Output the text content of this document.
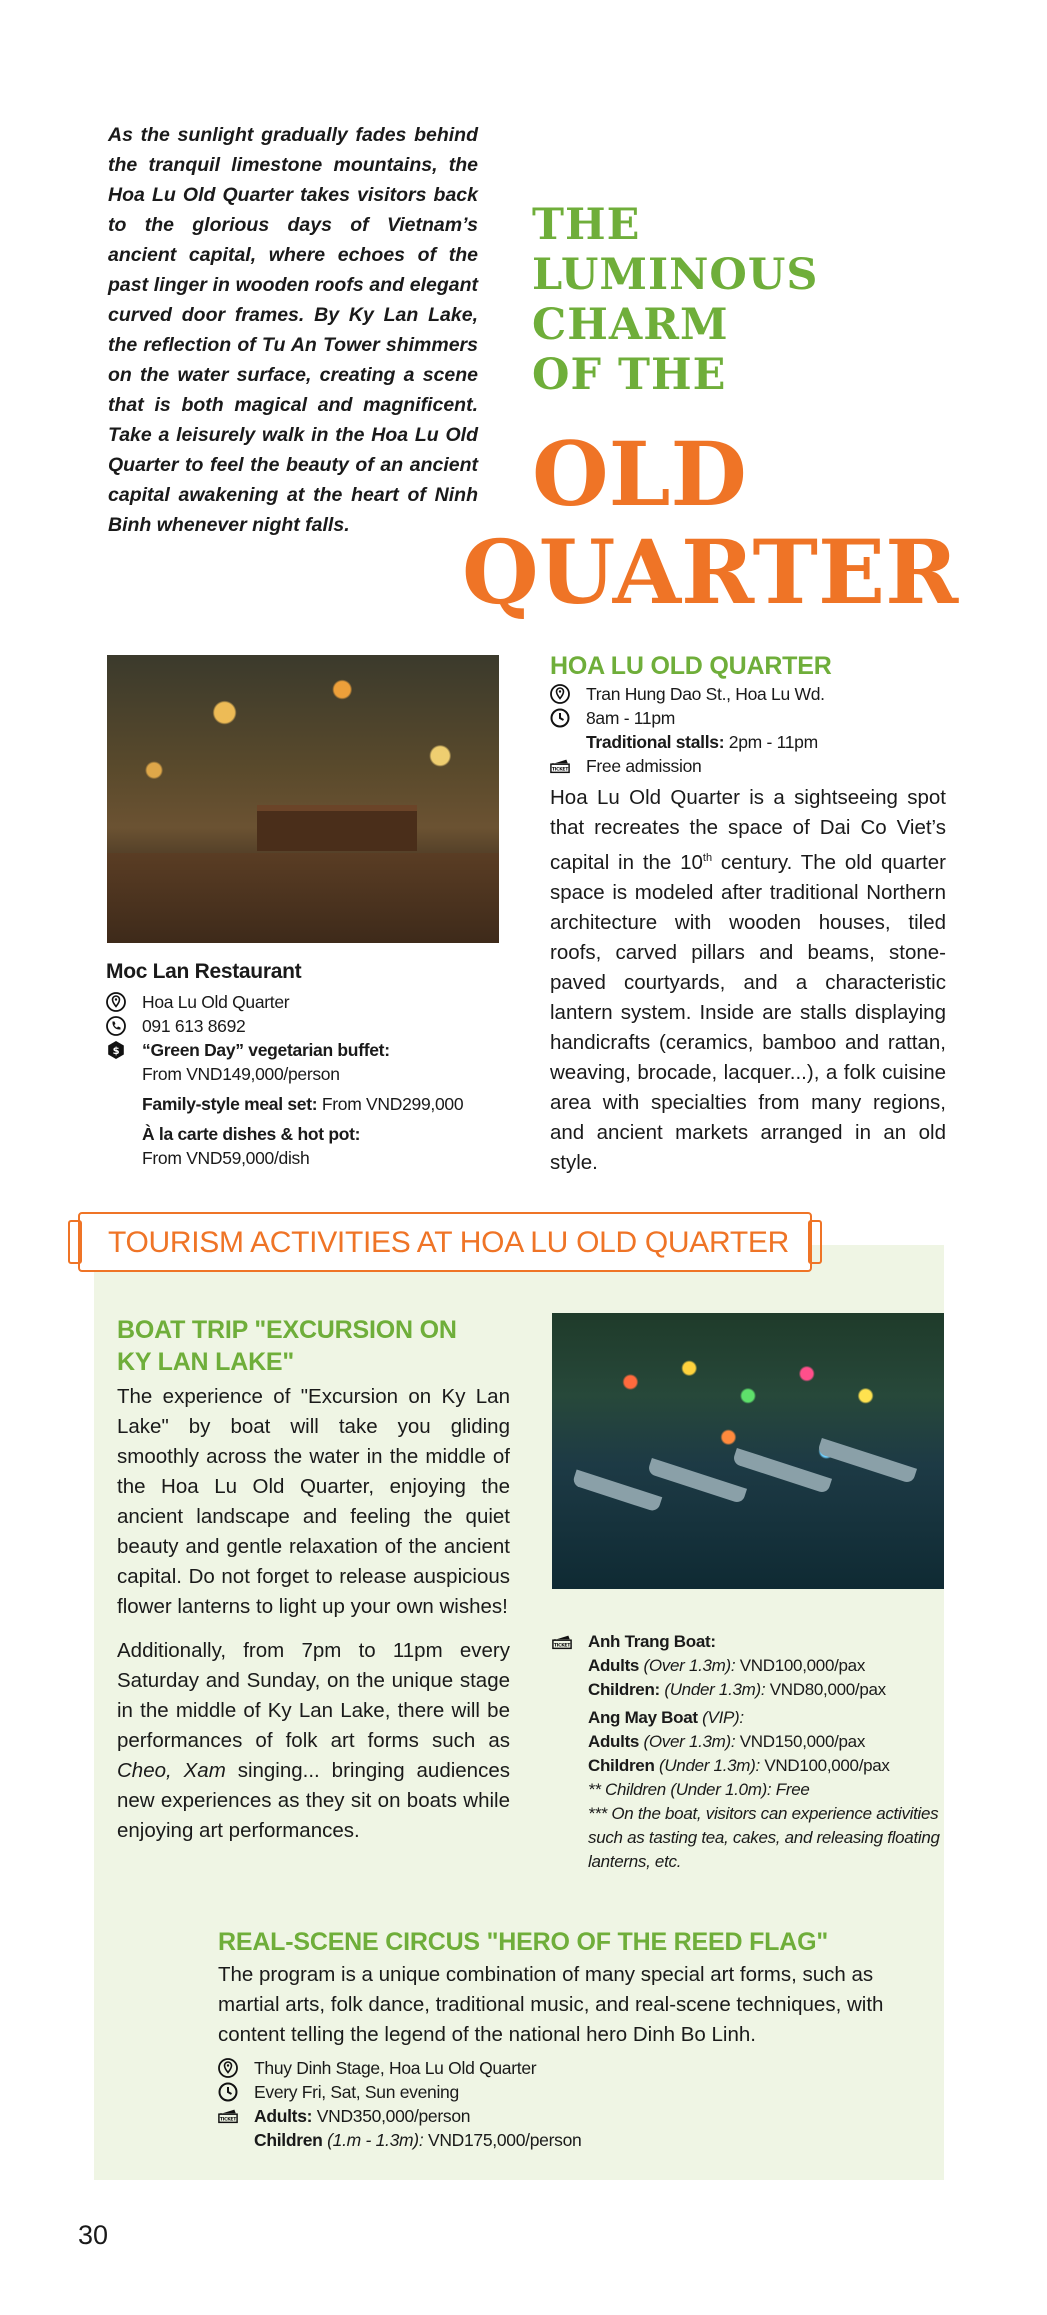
As the sunlight gradually fades behind the tranquil limestone mountains, the Hoa Lu Old Quarter takes visitors back to the glorious days of Vietnam’s ancient capital, where echoes of the past linger in wooden roofs and elegant curved door frames. By Ky Lan Lake, the reflection of Tu An Tower shimmers on the water surface, creating a scene that is both magical and magnificent. Take a leisurely walk in the Hoa Lu Old Quarter to feel the beauty of an ancient capital awakening at the heart of Ninh Binh whenever night falls.
THE
LUMINOUS
CHARM
OF THE
OLD
QUARTER
Moc Lan Restaurant
Hoa Lu Old Quarter
091 613 8692
$ “Green Day” vegetarian buffet:
From VND149,000/person
Family-style meal set: From VND299,000
À la carte dishes & hot pot:
From VND59,000/dish
HOA LU OLD QUARTER
Tran Hung Dao St., Hoa Lu Wd.
8am - 11pm
Traditional stalls: 2pm - 11pm
TICKET Free admission
Hoa Lu Old Quarter is a sightseeing spot that recreates the space of Dai Co Viet’s capital in the 10th century. The old quarter space is modeled after traditional Northern architecture with wooden houses, tiled roofs, carved pillars and beams, stone-paved courtyards, and a characteristic lantern system. Inside are stalls displaying handicrafts (ceramics, bamboo and rattan, weaving, brocade, lacquer...), a folk cuisine area with specialties from many regions, and ancient markets arranged in an old style.
TOURISM ACTIVITIES AT HOA LU OLD QUARTER
BOAT TRIP "EXCURSION ON
KY LAN LAKE"
The experience of "Excursion on Ky Lan Lake" by boat will take you gliding smoothly across the water in the middle of the Hoa Lu Old Quarter, enjoying the ancient landscape and feeling the quiet beauty and gentle relaxation of the ancient capital. Do not forget to release auspicious flower lanterns to light up your own wishes!
Additionally, from 7pm to 11pm every Saturday and Sunday, on the unique stage in the middle of Ky Lan Lake, there will be performances of folk art forms such as Cheo, Xam singing... bringing audiences new experiences as they sit on boats while enjoying art performances.
TICKET Anh Trang Boat:
Adults (Over 1.3m): VND100,000/pax
Children: (Under 1.3m): VND80,000/pax
Ang May Boat (VIP):
Adults (Over 1.3m): VND150,000/pax
Children (Under 1.3m): VND100,000/pax
** Children (Under 1.0m): Free
*** On the boat, visitors can experience activities such as tasting tea, cakes, and releasing floating lanterns, etc.
REAL-SCENE CIRCUS "HERO OF THE REED FLAG"
The program is a unique combination of many special art forms, such as martial arts, folk dance, traditional music, and real-scene techniques, with content telling the legend of the national hero Dinh Bo Linh.
Thuy Dinh Stage, Hoa Lu Old Quarter
Every Fri, Sat, Sun evening
TICKET Adults: VND350,000/person
Children (1.m - 1.3m): VND175,000/person
30
